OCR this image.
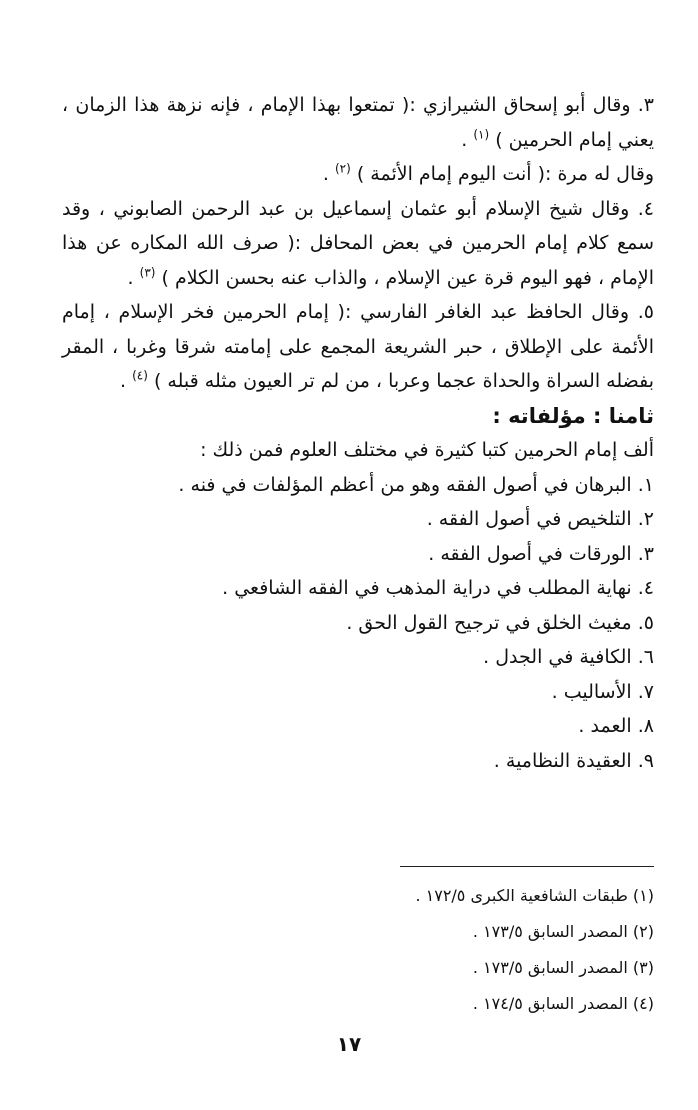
٣. وقال أبو إسحاق الشيرازي :( تمتعوا بهذا الإمام ، فإنه نزهة هذا الزمان ، يعني إمام الحرمين ) $^{(١)}$ .

وقال له مرة :( أنت اليوم إمام الأئمة ) $^{(٢)}$ .

٤. وقال شيخ الإسلام أبو عثمان إسماعيل بن عبد الرحمن الصابوني ، وقد سمع كلام إمام الحرمين في بعض المحافل :( صرف الله المكاره عن هذا الإمام ، فهو اليوم قرة عين الإسلام ، والذاب عنه بحسن الكلام ) $^{(٣)}$ .

٥. وقال الحافظ عبد الغافر الفارسي :( إمام الحرمين فخر الإسلام ، إمام الأئمة على الإطلاق ، حبر الشريعة المجمع على إمامته شرقا وغربا ، المقر بفضله السراة والحداة عجما وعربا ، من لم تر العيون مثله قبله ) $^{(٤)}$ .

ثامنا : مؤلفاته :

ألف إمام الحرمين كتبا كثيرة في مختلف العلوم فمن ذلك :

١. البرهان في أصول الفقه وهو من أعظم المؤلفات في فنه .
٢. التلخيص في أصول الفقه .
٣. الورقات في أصول الفقه .
٤. نهاية المطلب في دراية المذهب في الفقه الشافعي .
٥. مغيث الخلق في ترجيح القول الحق .
٦. الكافية في الجدل .
٧. الأساليب .
٨. العمد .
٩. العقيدة النظامية .

(١) طبقات الشافعية الكبرى ١٧٢/٥ .

(٢) المصدر السابق ١٧٣/٥ .

(٣) المصدر السابق ١٧٣/٥ .

(٤) المصدر السابق ١٧٤/٥ .

١٧
